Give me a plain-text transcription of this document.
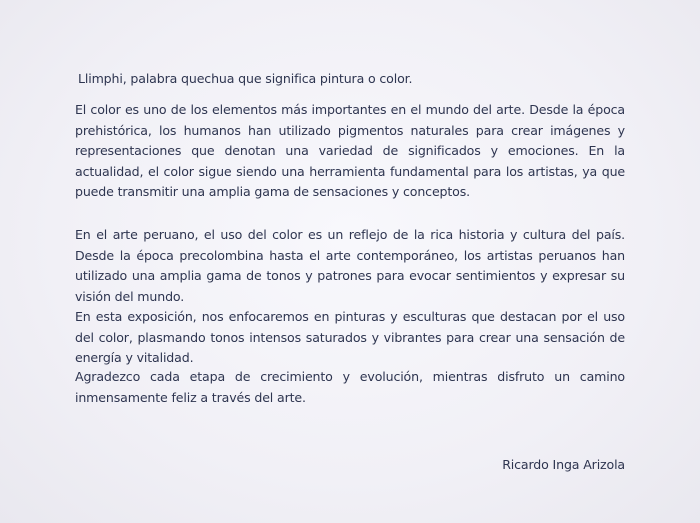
Llimphi, palabra quechua que significa pintura o color.

El color es uno de los elementos más importantes en el mundo del arte. Desde la época prehistórica, los humanos han utilizado pigmentos naturales para crear imágenes y representaciones que denotan una variedad de significados y emociones. En la actualidad, el color sigue siendo una herramienta fundamental para los artistas, ya que puede transmitir una amplia gama de sensaciones y conceptos.

En el arte peruano, el uso del color es un reflejo de la rica historia y cultura del país. Desde la época precolombina hasta el arte contemporáneo, los artistas peruanos han utilizado una amplia gama de tonos y patrones para evocar sentimientos y expresar su visión del mundo.

En esta exposición, nos enfocaremos en pinturas y esculturas que destacan por el uso del color, plasmando tonos intensos saturados y vibrantes para crear una sensación de energía y vitalidad.

Agradezco cada etapa de crecimiento y evolución, mientras disfruto un camino inmensamente feliz a través del arte.

Ricardo Inga Arizola
